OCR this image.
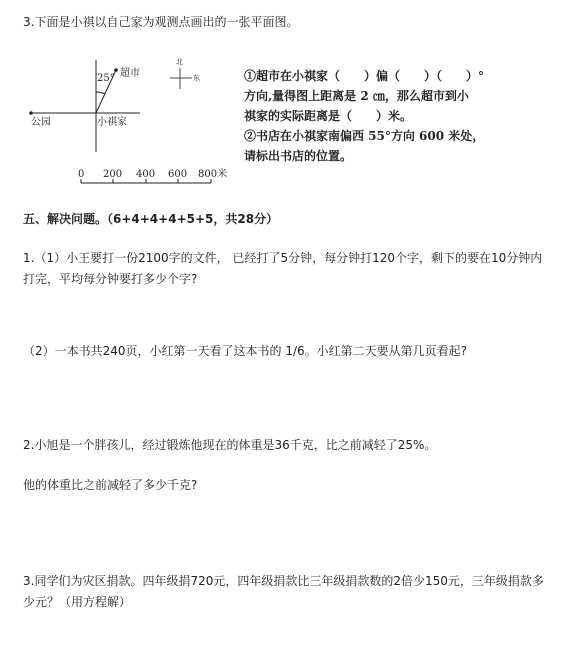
3.下面是小祺以自己家为观测点画出的一张平面图。
25° 超市
公园	小祺家
北
东
0 200 400 600 800米
①超市在小祺家（　　）偏（　　）（　　）°
方向,量得图上距离是 2 ㎝，那么超市到小
祺家的实际距离是（　　）米。
②书店在小祺家南偏西 55°方向 600 米处，
请标出书店的位置。
五、解决问题。（6+4+4+4+5+5，共28分）
1.（1）小王要打一份2100字的文件， 已经打了5分钟，每分钟打120个字，剩下的要在10分钟内打完，平均每分钟要打多少个字?
（2）一本书共240页，小红第一天看了这本书的 1/6。小红第二天要从第几页看起?
2.小旭是一个胖孩儿，经过锻炼他现在的体重是36千克，比之前减轻了25%。
他的体重比之前减轻了多少千克?
3.同学们为灾区捐款。四年级捐720元，四年级捐款比三年级捐款数的2倍少150元，三年级捐款多少元？（用方程解）
